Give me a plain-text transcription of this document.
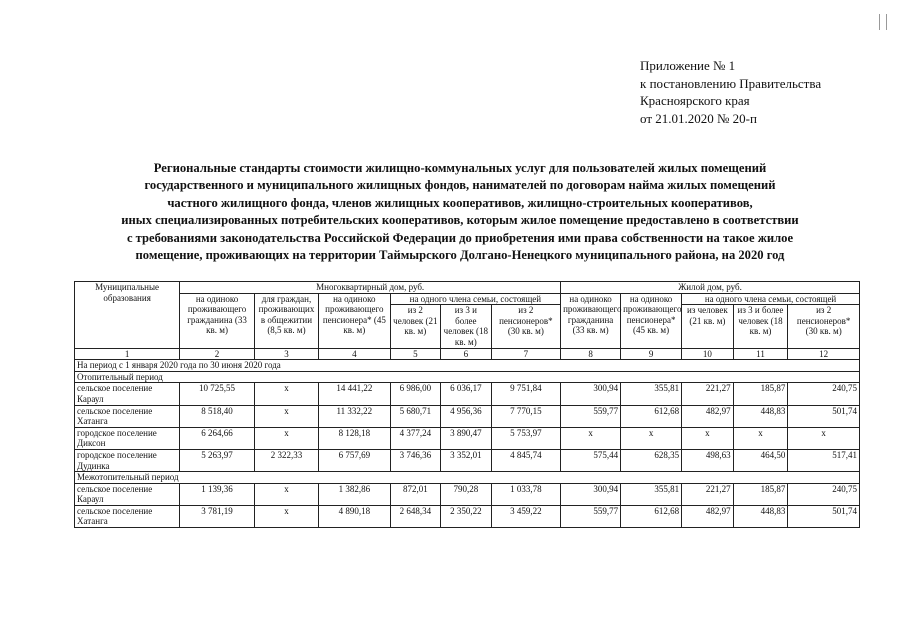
Приложение № 1
к постановлению Правительства
Красноярского края
от 21.01.2020 № 20-п
Региональные стандарты стоимости жилищно-коммунальных услуг для пользователей жилых помещений
государственного и муниципального жилищных фондов, нанимателей по договорам найма жилых помещений
частного жилищного фонда, членов жилищных кооперативов, жилищно-строительных кооперативов,
иных специализированных потребительских кооперативов, которым жилое помещение предоставлено в соответствии
с требованиями законодательства Российской Федерации до приобретения ими права собственности на такое жилое
помещение, проживающих на территории Таймырского Долгано-Ненецкого муниципального района, на 2020 год
Муниципальные образования	Многоквартирный дом, руб.						Жилой дом, руб.				
	на одиноко проживающего гражданина (33 кв. м)	для граждан, проживающих в общежитии (8,5 кв. м)	на одиноко проживающего пенсионера* (45 кв. м)	на одного члена семьи, состоящей			на одиноко проживающего гражданина (33 кв. м)	на одиноко проживающего пенсионера* (45 кв. м)	на одного члена семьи, состоящей		
				из 2 человек (21 кв. м)	из 3 и более человек (18 кв. м)	из 2 пенсионеров* (30 кв. м)			из человек (21 кв. м)	из 3 и более человек (18 кв. м)	из 2 пенсионеров* (30 кв. м)
1	2	3	4	5	6	7	8	9	10	11	12
На период с 1 января 2020 года по 30 июня 2020 года											
Отопительный период											
сельское поселение Караул	10 725,55	х	14 441,22	6 986,00	6 036,17	9 751,84	300,94	355,81	221,27	185,87	240,75
сельское поселение Хатанга	8 518,40	х	11 332,22	5 680,71	4 956,36	7 770,15	559,77	612,68	482,97	448,83	501,74
городское поселение Диксон	6 264,66	х	8 128,18	4 377,24	3 890,47	5 753,97	х	х	х	х	х
городское поселение Дудинка	5 263,97	2 322,33	6 757,69	3 746,36	3 352,01	4 845,74	575,44	628,35	498,63	464,50	517,41
Межотопительный период											
сельское поселение Караул	1 139,36	х	1 382,86	872,01	790,28	1 033,78	300,94	355,81	221,27	185,87	240,75
сельское поселение Хатанга	3 781,19	х	4 890,18	2 648,34	2 350,22	3 459,22	559,77	612,68	482,97	448,83	501,74
